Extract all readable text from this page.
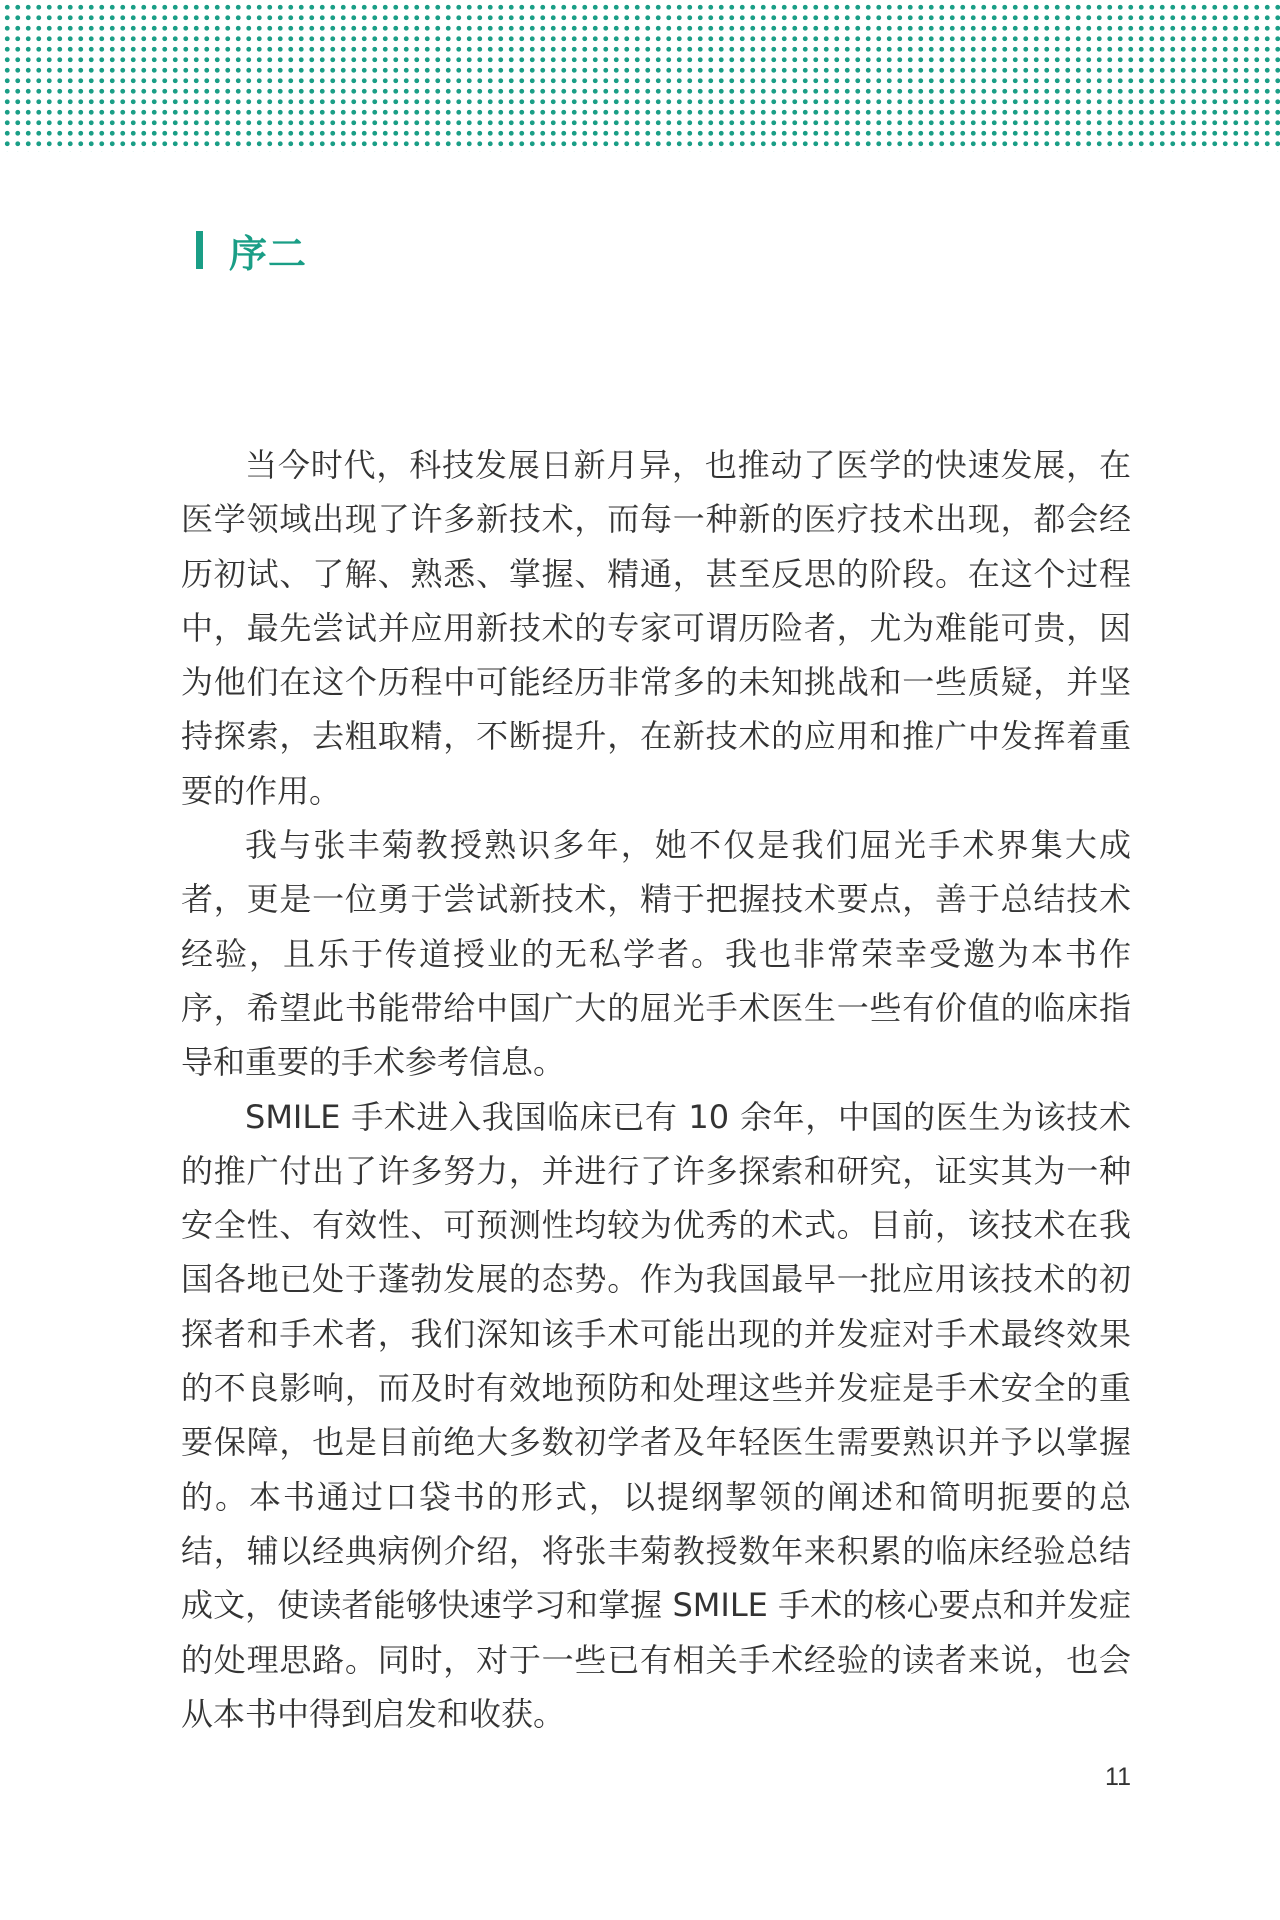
序二

当今时代，科技发展日新月异，也推动了医学的快速发展，在医学领域出现了许多新技术，而每一种新的医疗技术出现，都会经历初试、了解、熟悉、掌握、精通，甚至反思的阶段。在这个过程中，最先尝试并应用新技术的专家可谓历险者，尤为难能可贵，因为他们在这个历程中可能经历非常多的未知挑战和一些质疑，并坚持探索，去粗取精，不断提升，在新技术的应用和推广中发挥着重要的作用。

我与张丰菊教授熟识多年，她不仅是我们屈光手术界集大成者，更是一位勇于尝试新技术，精于把握技术要点，善于总结技术经验，且乐于传道授业的无私学者。我也非常荣幸受邀为本书作序，希望此书能带给中国广大的屈光手术医生一些有价值的临床指导和重要的手术参考信息。

SMILE 手术进入我国临床已有 10 余年，中国的医生为该技术的推广付出了许多努力，并进行了许多探索和研究，证实其为一种安全性、有效性、可预测性均较为优秀的术式。目前，该技术在我国各地已处于蓬勃发展的态势。作为我国最早一批应用该技术的初探者和手术者，我们深知该手术可能出现的并发症对手术最终效果的不良影响，而及时有效地预防和处理这些并发症是手术安全的重要保障，也是目前绝大多数初学者及年轻医生需要熟识并予以掌握的。本书通过口袋书的形式，以提纲挈领的阐述和简明扼要的总结，辅以经典病例介绍，将张丰菊教授数年来积累的临床经验总结成文，使读者能够快速学习和掌握 SMILE 手术的核心要点和并发症的处理思路。同时，对于一些已有相关手术经验的读者来说，也会从本书中得到启发和收获。

11
